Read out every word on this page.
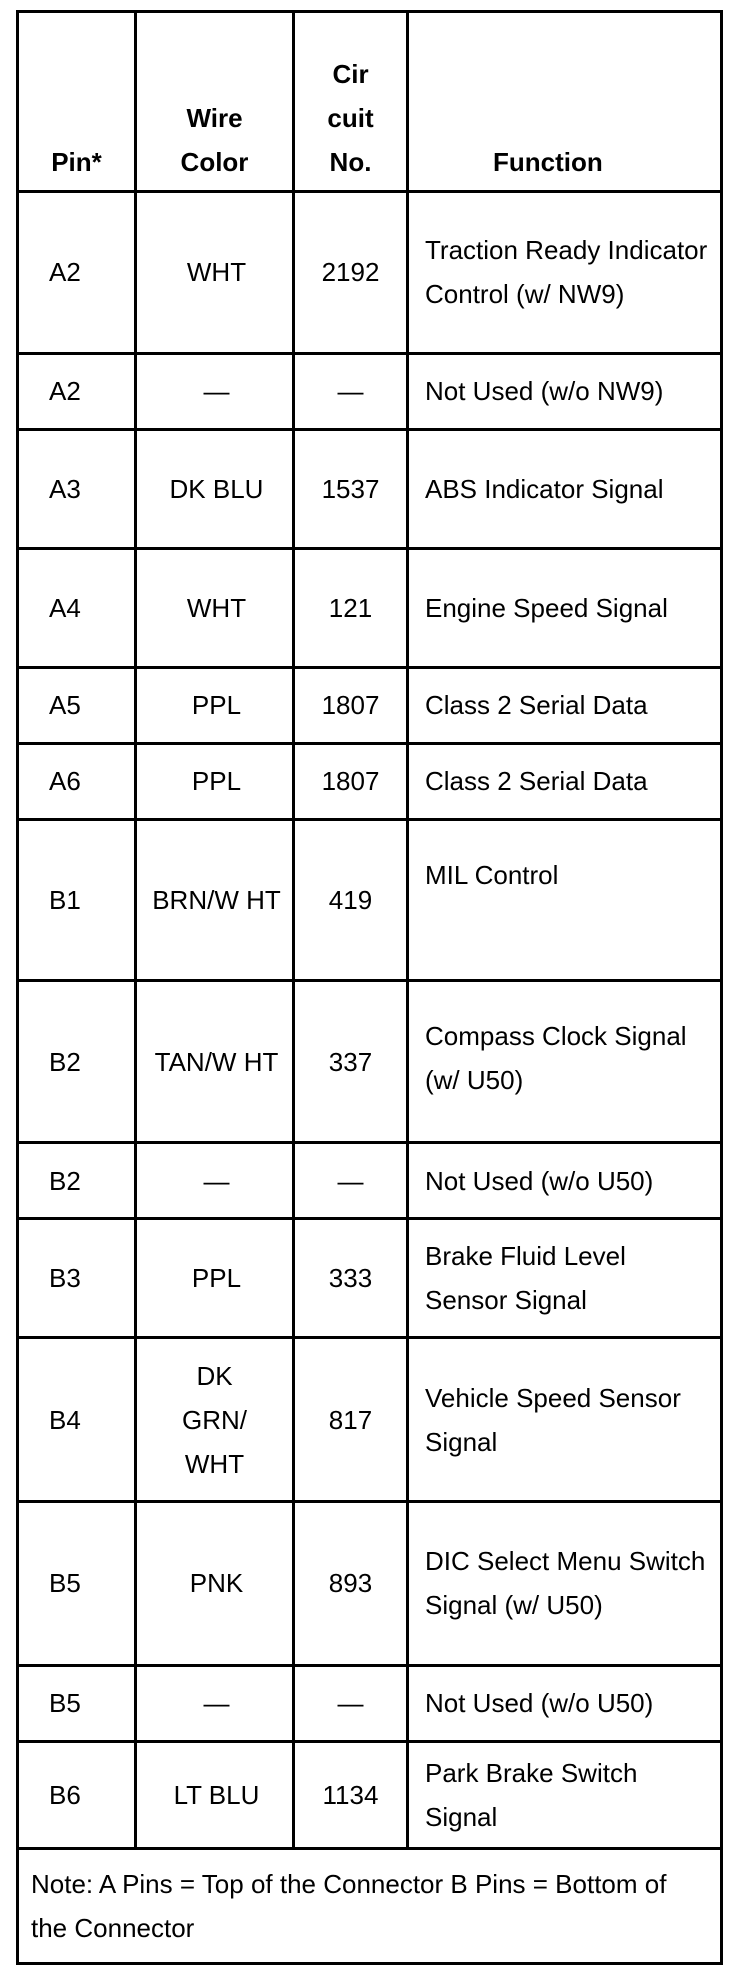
Pin*	Wire Color	Cir cuit No.	Function
A2	WHT	2192	Traction Ready Indicator Control (w/ NW9)
A2	—	—	Not Used (w/o NW9)
A3	DK BLU	1537	ABS Indicator Signal
A4	WHT	121	Engine Speed Signal
A5	PPL	1807	Class 2 Serial Data
A6	PPL	1807	Class 2 Serial Data
B1	BRN/W HT	419	MIL Control
B2	TAN/W HT	337	Compass Clock Signal (w/ U50)
B2	—	—	Not Used (w/o U50)
B3	PPL	333	Brake Fluid Level Sensor Signal
B4	DK GRN/ WHT	817	Vehicle Speed Sensor Signal
B5	PNK	893	DIC Select Menu Switch Signal (w/ U50)
B5	—	—	Not Used (w/o U50)
B6	LT BLU	1134	Park Brake Switch Signal
Note: A Pins = Top of the Connector B Pins = Bottom of the Connector			
